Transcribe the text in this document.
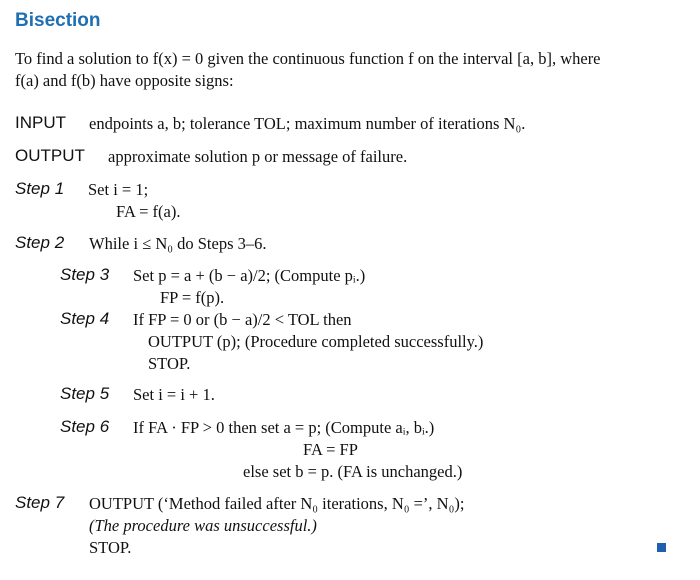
Bisection
To find a solution to f(x) = 0 given the continuous function f on the interval [a, b], where
f(a) and f(b) have opposite signs:
INPUT endpoints a, b; tolerance TOL; maximum number of iterations N₀.
OUTPUT approximate solution p or message of failure.
Step 1 Set i = 1;
FA = f(a).
Step 2 While i ≤ N₀ do Steps 3–6.
Step 3 Set p = a + (b − a)/2; (Compute pᵢ.)
FP = f(p).
Step 4 If FP = 0 or (b − a)/2 < TOL then
OUTPUT (p); (Procedure completed successfully.)
STOP.
Step 5 Set i = i + 1.
Step 6 If FA · FP > 0 then set a = p; (Compute aᵢ, bᵢ.)
FA = FP
else set b = p. (FA is unchanged.)
Step 7 OUTPUT (‘Method failed after N₀ iterations, N₀ =’, N₀);
(The procedure was unsuccessful.)
STOP.
